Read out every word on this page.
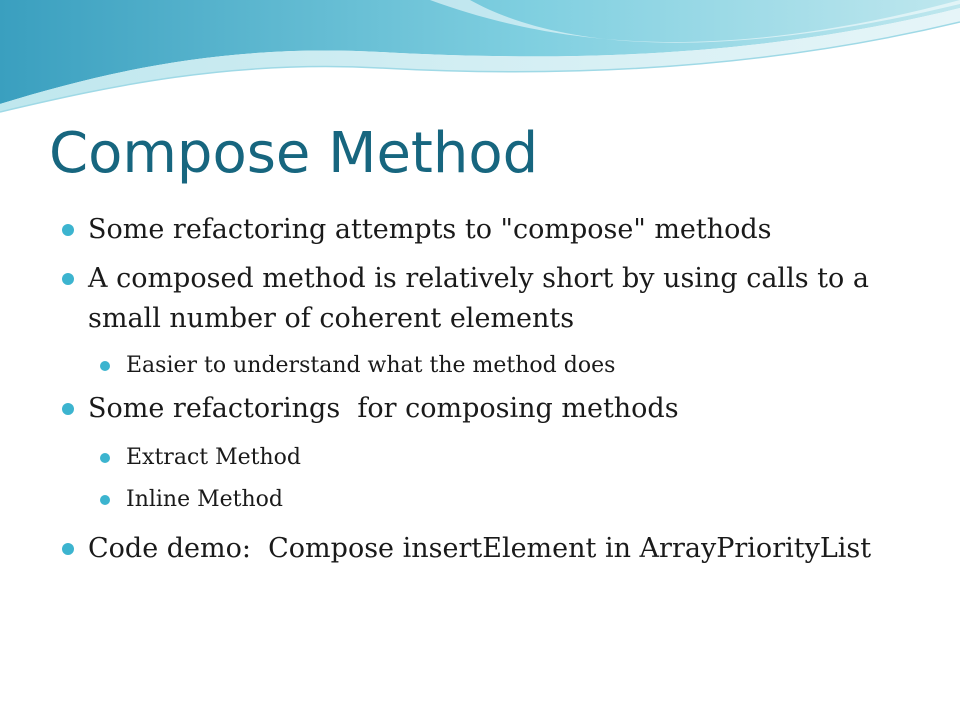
Compose Method
Some refactoring attempts to "compose" methods
A composed method is relatively short by using calls to a small number of coherent elements
Easier to understand what the method does
Some refactorings  for composing methods
Extract Method
Inline Method
Code demo:  Compose insertElement in ArrayPriorityList
